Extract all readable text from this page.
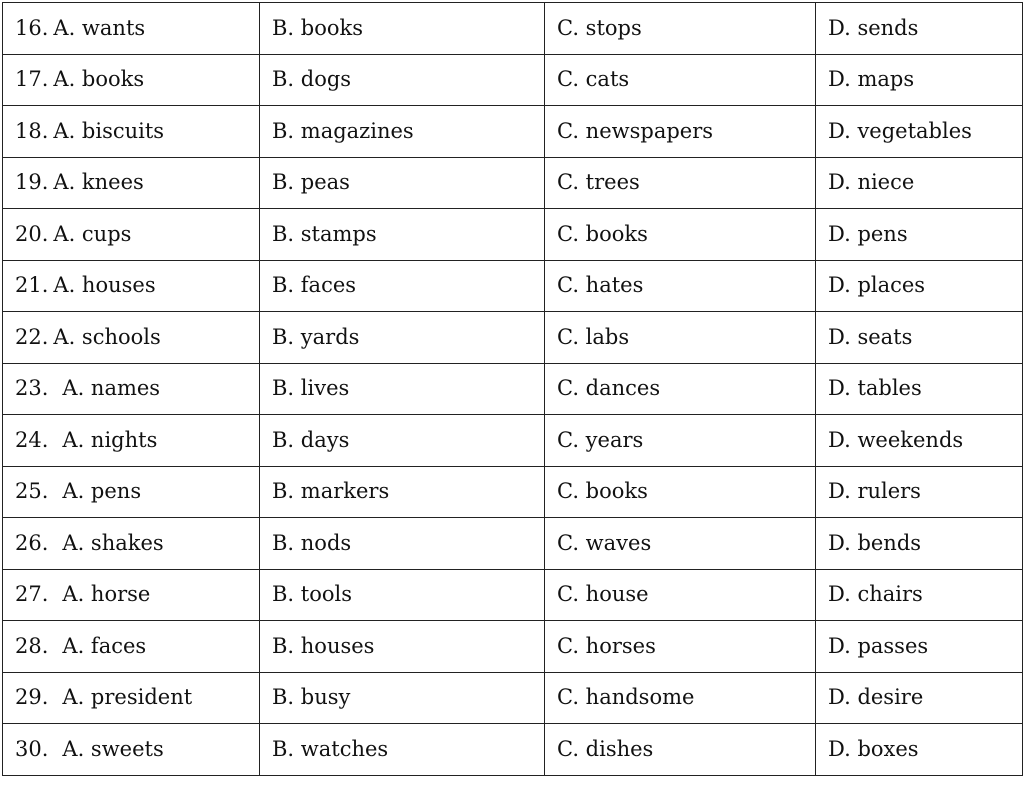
16. A. wants	B. books	C. stops	D. sends
17. A. books	B. dogs	C. cats	D. maps
18. A. biscuits	B. magazines	C. newspapers	D. vegetables
19. A. knees	B. peas	C. trees	D. niece
20. A. cups	B. stamps	C. books	D. pens
21. A. houses	B. faces	C. hates	D. places
22. A. schools	B. yards	C. labs	D. seats
23. A. names	B. lives	C. dances	D. tables
24. A. nights	B. days	C. years	D. weekends
25. A. pens	B. markers	C. books	D. rulers
26. A. shakes	B. nods	C. waves	D. bends
27. A. horse	B. tools	C. house	D. chairs
28. A. faces	B. houses	C. horses	D. passes
29. A. president	B. busy	C. handsome	D. desire
30. A. sweets	B. watches	C. dishes	D. boxes
